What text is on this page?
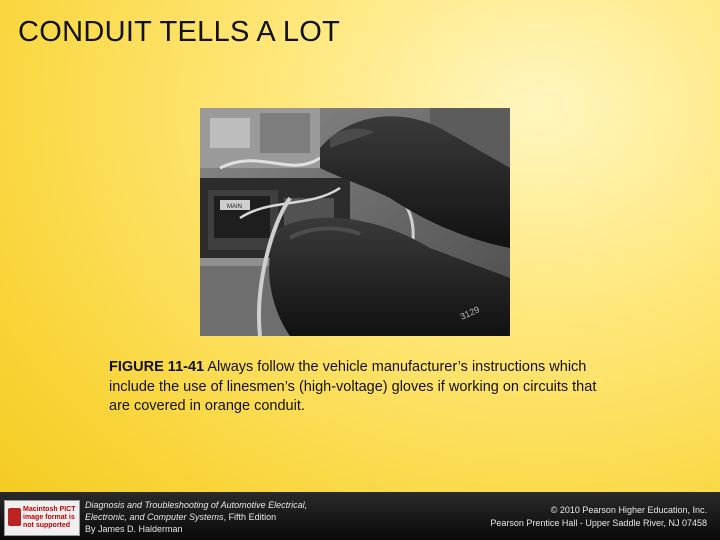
CONDUIT TELLS A LOT
MAIN
3129
FIGURE 11-41 Always follow the vehicle manufacturer’s instructions which include the use of linesmen’s (high-voltage) gloves if working on circuits that are covered in orange conduit.
Macintosh PICT image format is not supported
Diagnosis and Troubleshooting of Automotive Electrical,
Electronic, and Computer Systems, Fifth Edition
By James D. Halderman
© 2010 Pearson Higher Education, Inc.
Pearson Prentice Hall - Upper Saddle River, NJ 07458
